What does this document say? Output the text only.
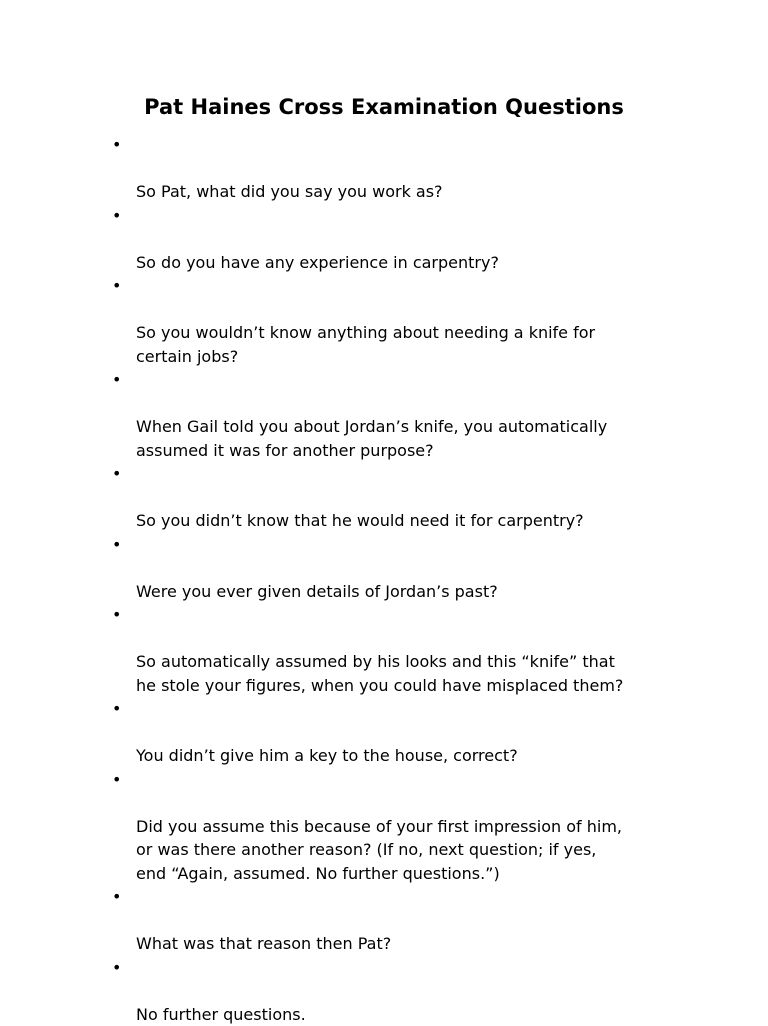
Pat Haines Cross Examination Questions

•

So Pat, what did you say you work as?

•

So do you have any experience in carpentry?

•

So you wouldn’t know anything about needing a knife for
certain jobs?

•

When Gail told you about Jordan’s knife, you automatically
assumed it was for another purpose?

•

So you didn’t know that he would need it for carpentry?

•

Were you ever given details of Jordan’s past?

•

So automatically assumed by his looks and this “knife” that
he stole your figures, when you could have misplaced them?

•

You didn’t give him a key to the house, correct?

•

Did you assume this because of your first impression of him,
or was there another reason? (If no, next question; if yes,
end “Again, assumed. No further questions.”)

•

What was that reason then Pat?

•

No further questions.
